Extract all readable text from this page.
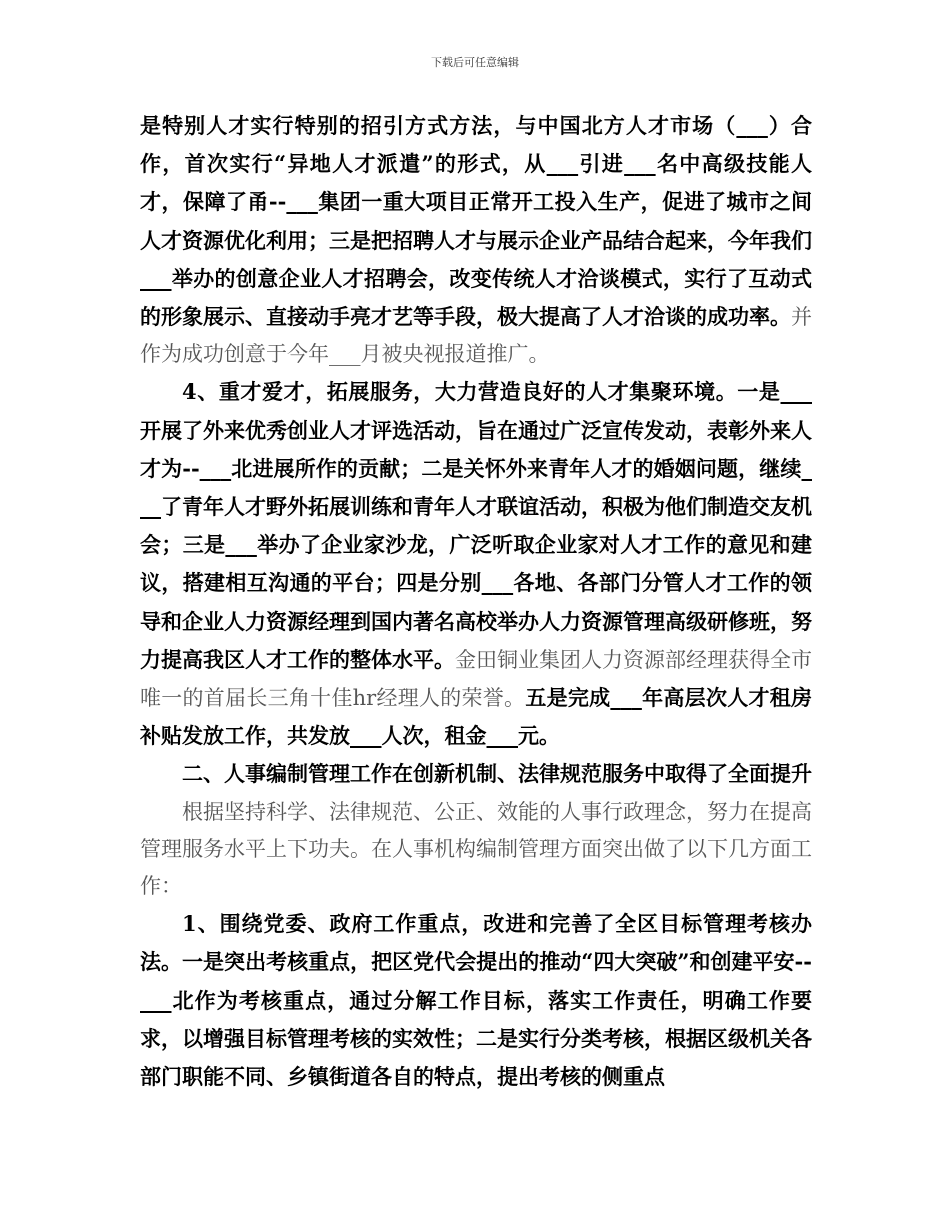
下载后可任意编辑

是特别人才实行特别的招引方式方法，与中国北方人才市场（___）合作，首次实行“异地人才派遣”的形式，从___引进___名中高级技能人才，保障了甬--___集团一重大项目正常开工投入生产，促进了城市之间人才资源优化利用；三是把招聘人才与展示企业产品结合起来，今年我们___举办的创意企业人才招聘会，改变传统人才洽谈模式，实行了互动式的形象展示、直接动手亮才艺等手段，极大提高了人才洽谈的成功率。并作为成功创意于今年___月被央视报道推广。

4、重才爱才，拓展服务，大力营造良好的人才集聚环境。一是___开展了外来优秀创业人才评选活动，旨在通过广泛宣传发动，表彰外来人才为--___北进展所作的贡献；二是关怀外来青年人才的婚姻问题，继续___了青年人才野外拓展训练和青年人才联谊活动，积极为他们制造交友机会；三是___举办了企业家沙龙，广泛听取企业家对人才工作的意见和建议，搭建相互沟通的平台；四是分别___各地、各部门分管人才工作的领导和企业人力资源经理到国内著名高校举办人力资源管理高级研修班，努力提高我区人才工作的整体水平。金田铜业集团人力资源部经理获得全市唯一的首届长三角十佳hr经理人的荣誉。五是完成___年高层次人才租房补贴发放工作，共发放___人次，租金___元。

二、人事编制管理工作在创新机制、法律规范服务中取得了全面提升

根据坚持科学、法律规范、公正、效能的人事行政理念，努力在提高管理服务水平上下功夫。在人事机构编制管理方面突出做了以下几方面工作：

1、围绕党委、政府工作重点，改进和完善了全区目标管理考核办法。一是突出考核重点，把区党代会提出的推动“四大突破”和创建平安--___北作为考核重点，通过分解工作目标，落实工作责任，明确工作要求，以增强目标管理考核的实效性；二是实行分类考核，根据区级机关各部门职能不同、乡镇街道各自的特点，提出考核的侧重点
